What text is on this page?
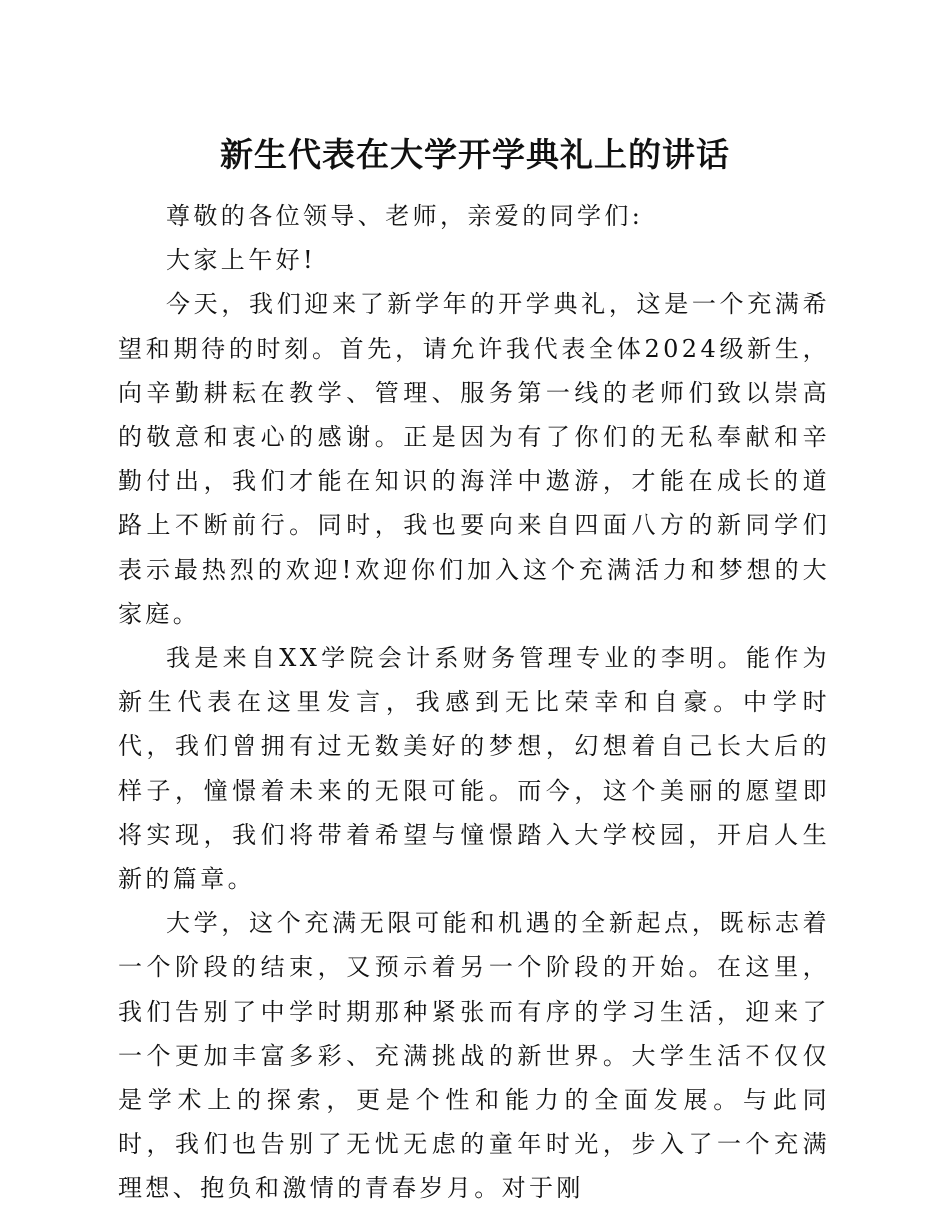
新生代表在大学开学典礼上的讲话

尊敬的各位领导、老师，亲爱的同学们:

大家上午好!

今天，我们迎来了新学年的开学典礼，这是一个充满希望和期待的时刻。首先，请允许我代表全体2024级新生，向辛勤耕耘在教学、管理、服务第一线的老师们致以崇高的敬意和衷心的感谢。正是因为有了你们的无私奉献和辛勤付出，我们才能在知识的海洋中遨游，才能在成长的道路上不断前行。同时，我也要向来自四面八方的新同学们表示最热烈的欢迎!欢迎你们加入这个充满活力和梦想的大家庭。

我是来自XX学院会计系财务管理专业的李明。能作为新生代表在这里发言，我感到无比荣幸和自豪。中学时代，我们曾拥有过无数美好的梦想，幻想着自己长大后的样子，憧憬着未来的无限可能。而今，这个美丽的愿望即将实现，我们将带着希望与憧憬踏入大学校园，开启人生新的篇章。

大学，这个充满无限可能和机遇的全新起点，既标志着一个阶段的结束，又预示着另一个阶段的开始。在这里，我们告别了中学时期那种紧张而有序的学习生活，迎来了一个更加丰富多彩、充满挑战的新世界。大学生活不仅仅是学术上的探索，更是个性和能力的全面发展。与此同时，我们也告别了无忧无虑的童年时光，步入了一个充满理想、抱负和激情的青春岁月。对于刚
